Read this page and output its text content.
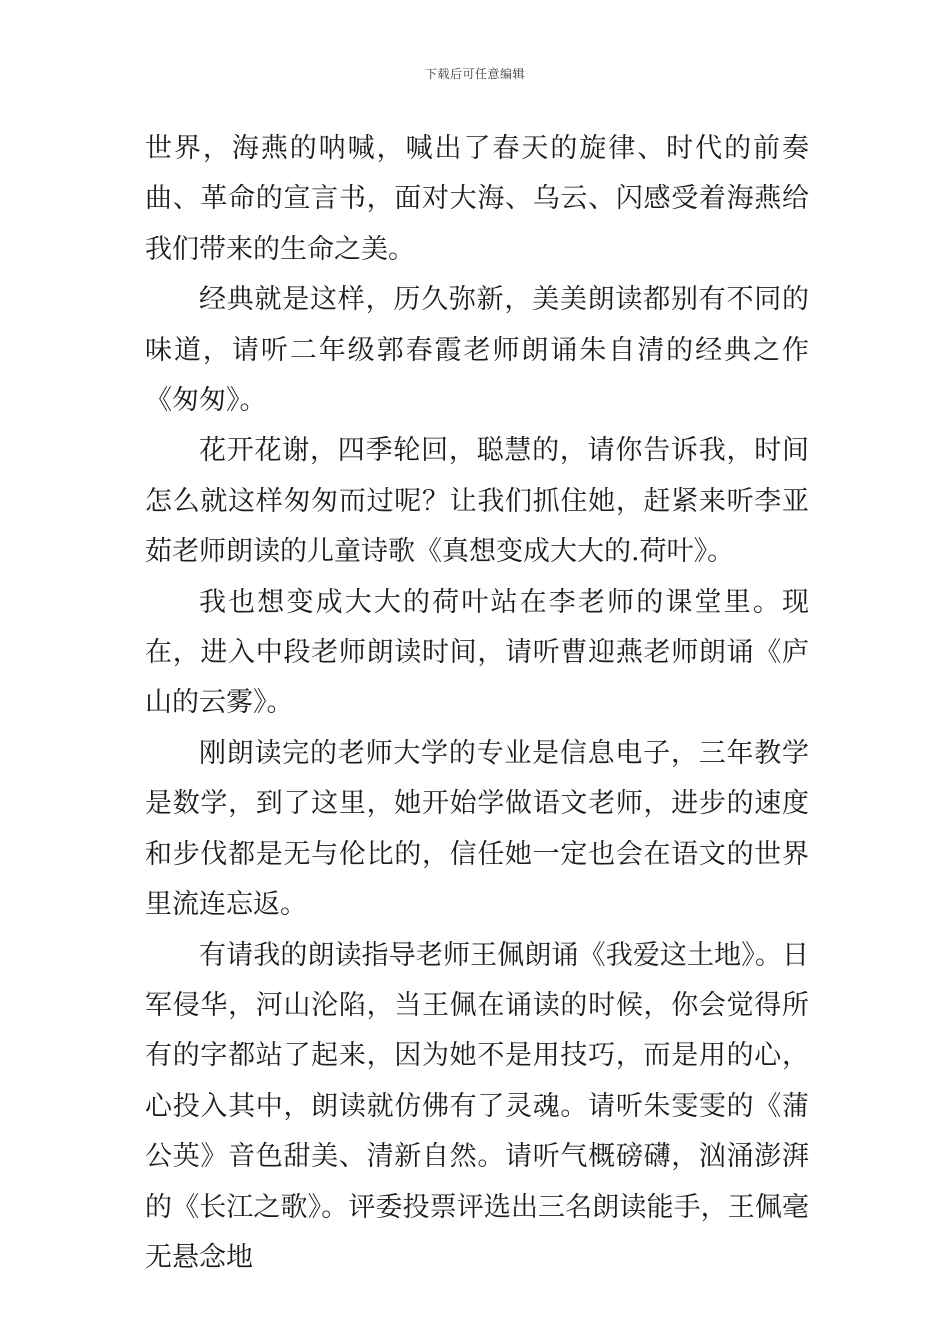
下载后可任意编辑

世界，海燕的呐喊，喊出了春天的旋律、时代的前奏曲、革命的宣言书，面对大海、乌云、闪感受着海燕给我们带来的生命之美。

经典就是这样，历久弥新，美美朗读都别有不同的味道，请听二年级郭春霞老师朗诵朱自清的经典之作《匆匆》。

花开花谢，四季轮回，聪慧的，请你告诉我，时间怎么就这样匆匆而过呢？让我们抓住她，赶紧来听李亚茹老师朗读的儿童诗歌《真想变成大大的.荷叶》。

我也想变成大大的荷叶站在李老师的课堂里。现在，进入中段老师朗读时间，请听曹迎燕老师朗诵《庐山的云雾》。

刚朗读完的老师大学的专业是信息电子，三年教学是数学，到了这里，她开始学做语文老师，进步的速度和步伐都是无与伦比的，信任她一定也会在语文的世界里流连忘返。

有请我的朗读指导老师王佩朗诵《我爱这土地》。日军侵华，河山沦陷，当王佩在诵读的时候，你会觉得所有的字都站了起来，因为她不是用技巧，而是用的心，心投入其中，朗读就仿佛有了灵魂。请听朱雯雯的《蒲公英》音色甜美、清新自然。请听气概磅礴，汹涌澎湃的《长江之歌》。评委投票评选出三名朗读能手，王佩毫无悬念地
